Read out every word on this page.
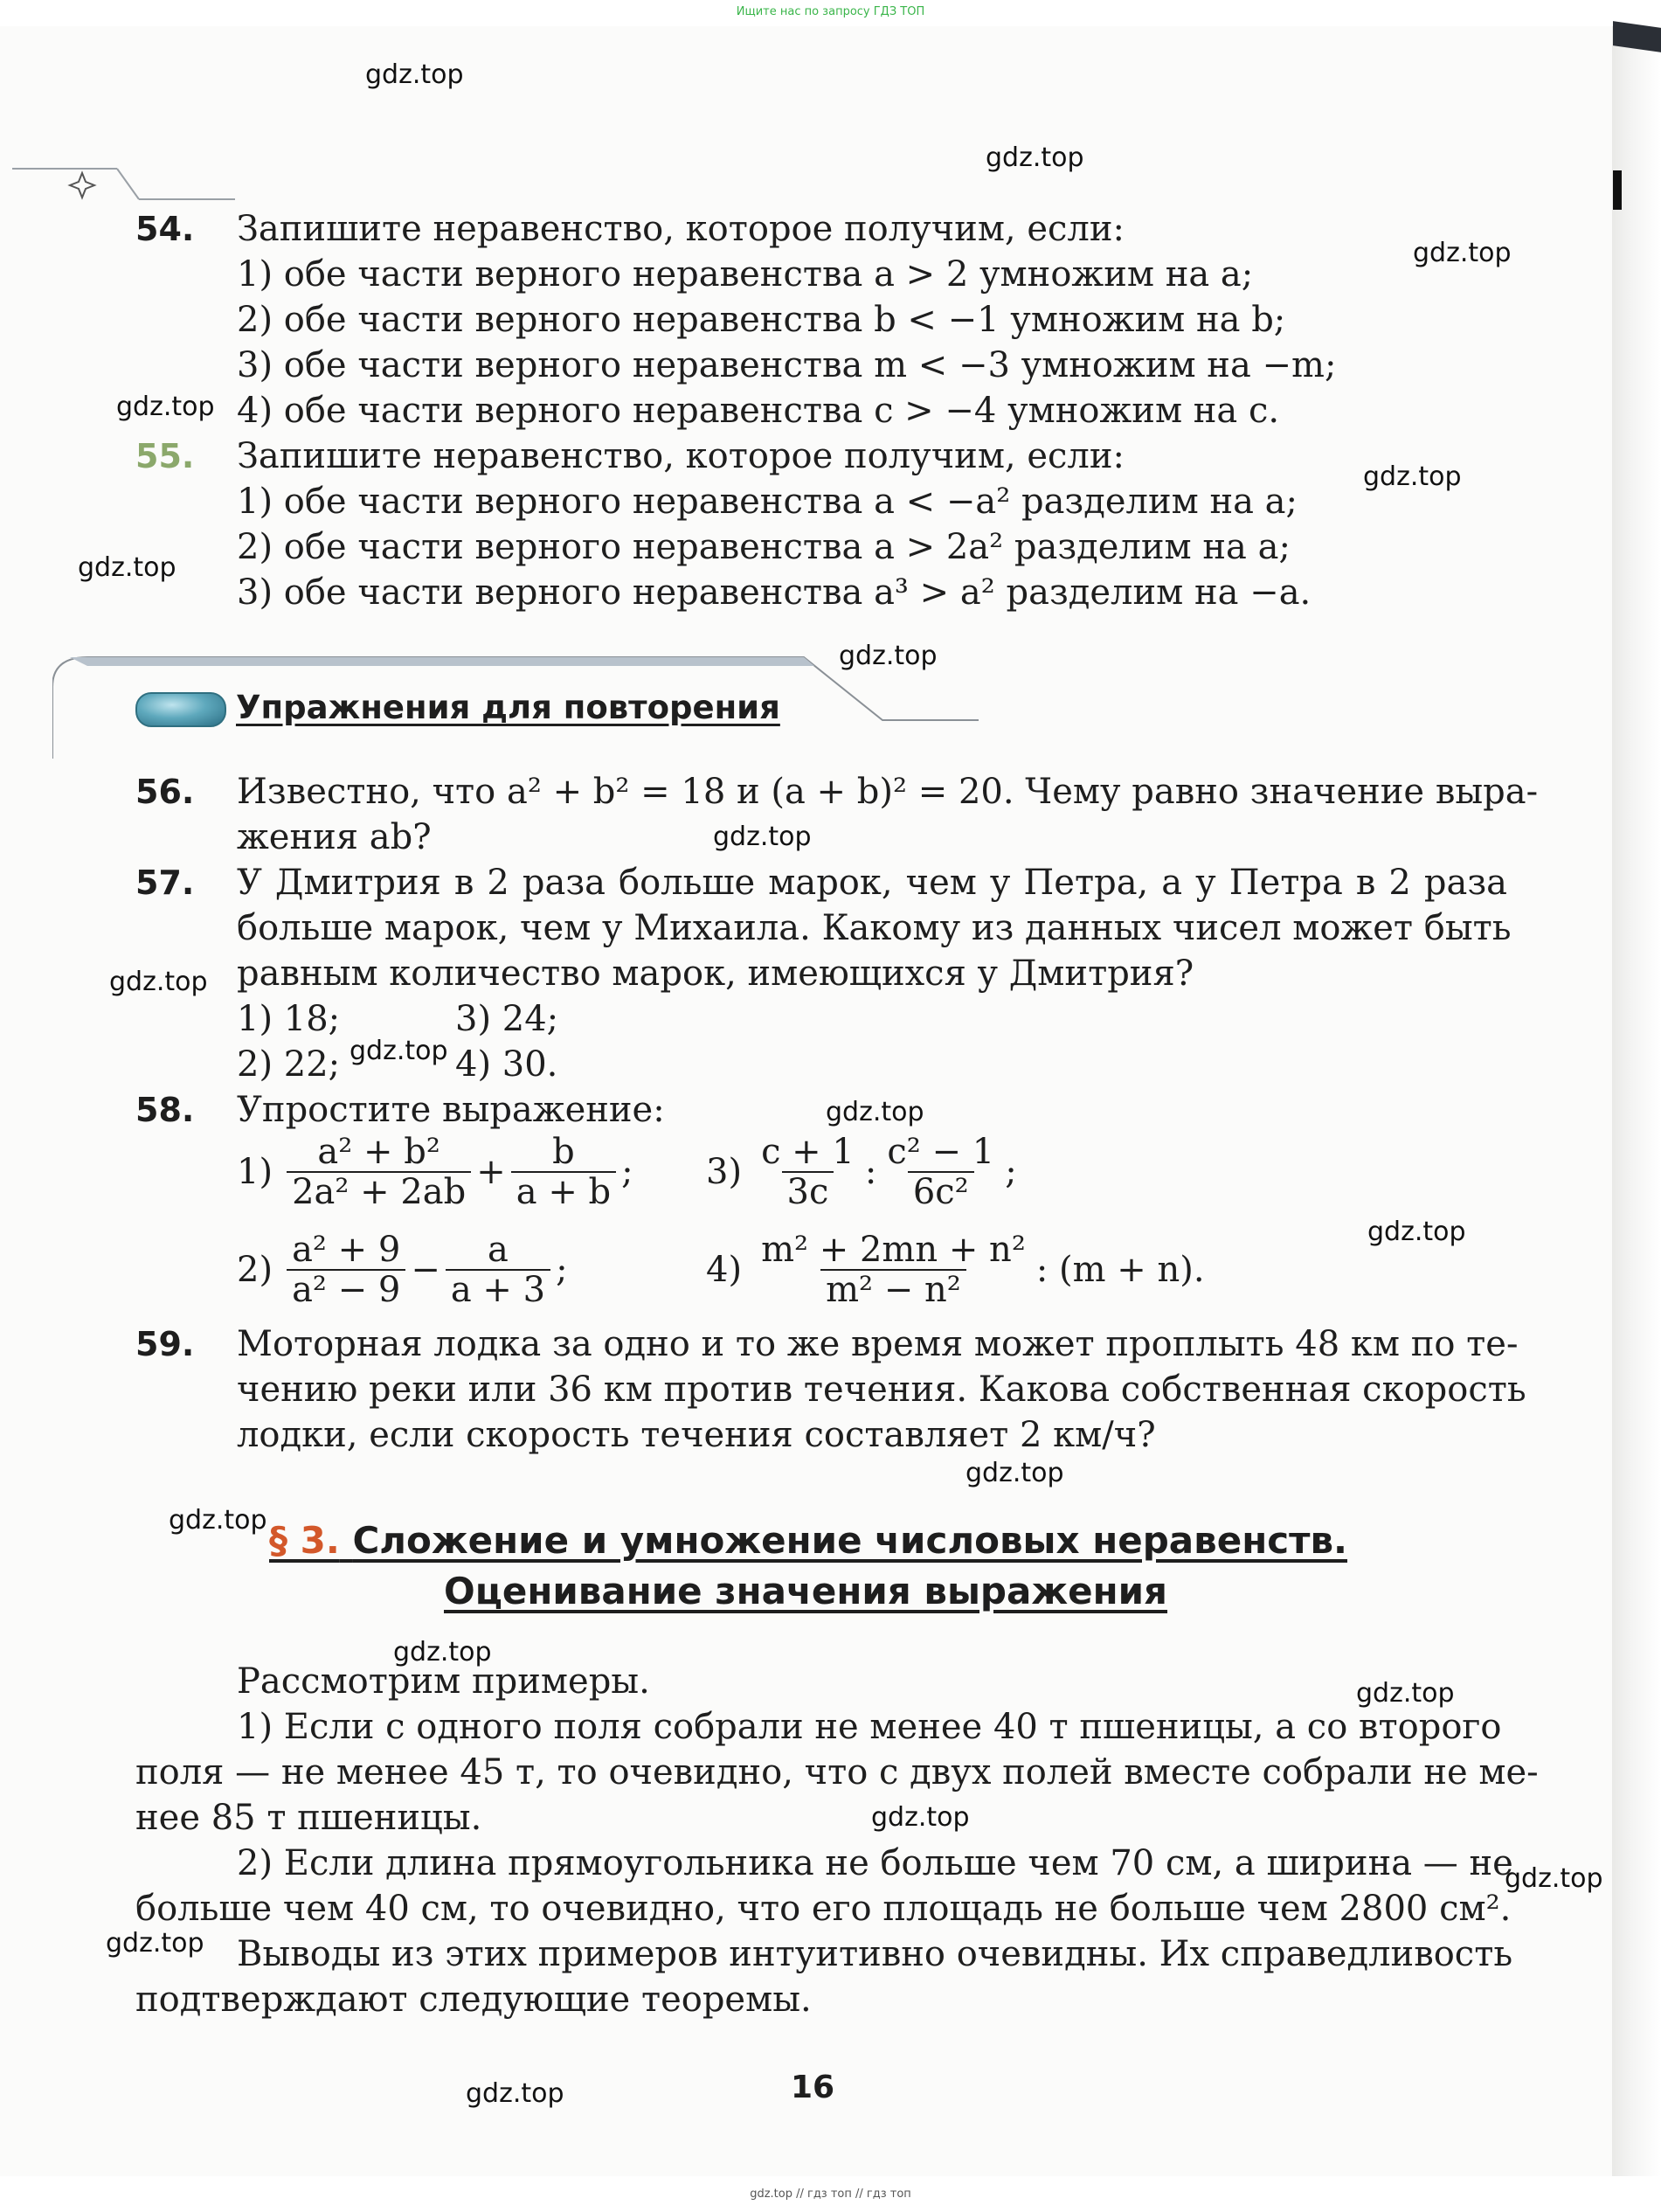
Ищите нас по запросу ГДЗ ТОП
54. Запишите неравенство, которое получим, если:
1) обе части верного неравенства a > 2 умножим на a;
2) обе части верного неравенства b < −1 умножим на b;
3) обе части верного неравенства m < −3 умножим на −m;
4) обе части верного неравенства c > −4 умножим на c.
55. Запишите неравенство, которое получим, если:
1) обе части верного неравенства a < −a² разделим на a;
2) обе части верного неравенства a > 2a² разделим на a;
3) обе части верного неравенства a³ > a² разделим на −a.
Упражнения для повторения
56. Известно, что a² + b² = 18 и (a + b)² = 20. Чему равно значение выра-
жения ab?
57. У Дмитрия в 2 раза больше марок, чем у Петра, а у Петра в 2 раза
больше марок, чем у Михаила. Какому из данных чисел может быть
равным количество марок, имеющихся у Дмитрия?
1) 18;	3) 24;
2) 22;	4) 30.
58. Упростите выражение:
$1) \frac{\text{a² + b²}}{\text{2a² + 2ab}} + \frac{b}{a + b}$ ;
$2) \frac{\text{a² + 9}}{\text{a² − 9}} - \frac{a}{a + 3}$ ;
$3) \frac{c + 1}{3c}$ : $\frac{\text{c² − 1}}{\text{6c²}}$ ;
$4) \frac{\text{m² + 2mn + n²}}{\text{m² − n²}}$ : (m + n).
59. Моторная лодка за одно и то же время может проплыть 48 км по те-
чению реки или 36 км против течения. Какова собственная скорость
лодки, если скорость течения составляет 2 км/ч?
§ 3. Сложение и умножение числовых неравенств.
Оценивание значения выражения
Рассмотрим примеры.
1) Если с одного поля собрали не менее 40 т пшеницы, а со второго
поля — не менее 45 т, то очевидно, что с двух полей вместе собрали не ме-
нее 85 т пшеницы.
2) Если длина прямоугольника не больше чем 70 см, а ширина — не
больше чем 40 см, то очевидно, что его площадь не больше чем 2800 см².
Выводы из этих примеров интуитивно очевидны. Их справедливость
подтверждают следующие теоремы.
16
gdz.top
gdz.top
gdz.top
gdz.top
gdz.top
gdz.top
gdz.top
gdz.top
gdz.top
gdz.top
gdz.top
gdz.top
gdz.top
gdz.top
gdz.top
gdz.top
gdz.top
gdz.top
gdz.top
gdz.top
gdz.top // гдз топ // гдз топ
